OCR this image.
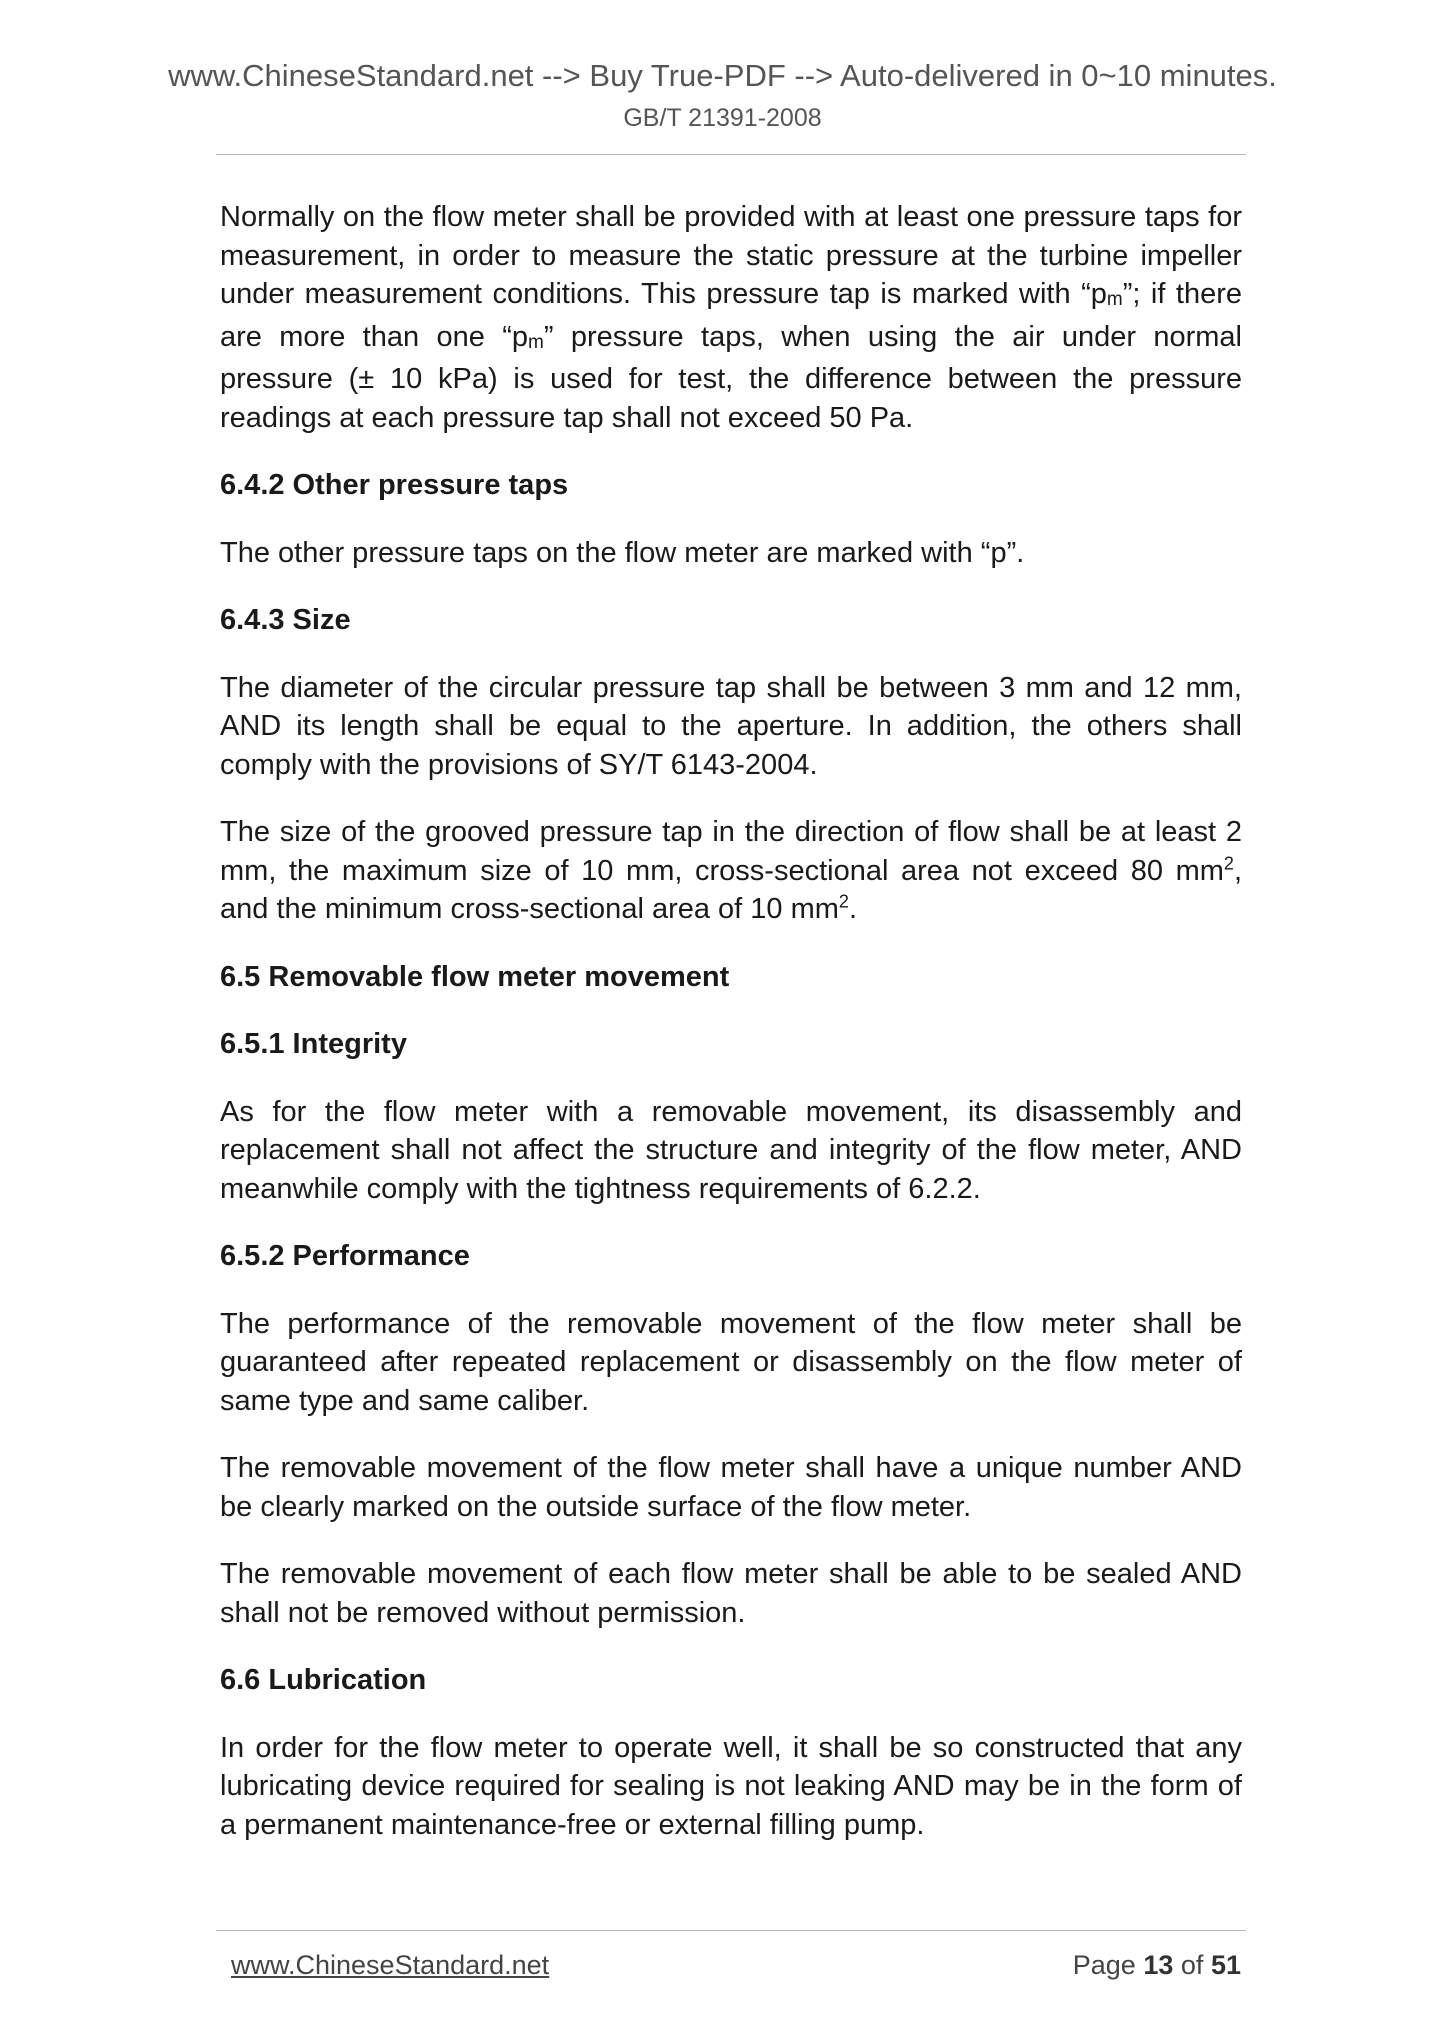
www.ChineseStandard.net --> Buy True-PDF --> Auto-delivered in 0~10 minutes.
GB/T 21391-2008

Normally on the flow meter shall be provided with at least one pressure taps for measurement, in order to measure the static pressure at the turbine impeller under measurement conditions. This pressure tap is marked with “$p_m$”; if there are more than one “$p_m$” pressure taps, when using the air under normal pressure (± 10 kPa) is used for test, the difference between the pressure readings at each pressure tap shall not exceed 50 Pa.

6.4.2 Other pressure taps

The other pressure taps on the flow meter are marked with “p”.

6.4.3 Size

The diameter of the circular pressure tap shall be between 3 mm and 12 mm, AND its length shall be equal to the aperture. In addition, the others shall comply with the provisions of SY/T 6143-2004.

The size of the grooved pressure tap in the direction of flow shall be at least 2 mm, the maximum size of 10 mm, cross-sectional area not exceed 80 $mm^2$, and the minimum cross-sectional area of 10 $mm^2$.

6.5 Removable flow meter movement
6.5.1 Integrity

As for the flow meter with a removable movement, its disassembly and replacement shall not affect the structure and integrity of the flow meter, AND meanwhile comply with the tightness requirements of 6.2.2.

6.5.2 Performance

The performance of the removable movement of the flow meter shall be guaranteed after repeated replacement or disassembly on the flow meter of same type and same caliber.

The removable movement of the flow meter shall have a unique number AND be clearly marked on the outside surface of the flow meter.

The removable movement of each flow meter shall be able to be sealed AND shall not be removed without permission.

6.6 Lubrication

In order for the flow meter to operate well, it shall be so constructed that any lubricating device required for sealing is not leaking AND may be in the form of a permanent maintenance-free or external filling pump.

www.ChineseStandard.net	Page 13 of 51
